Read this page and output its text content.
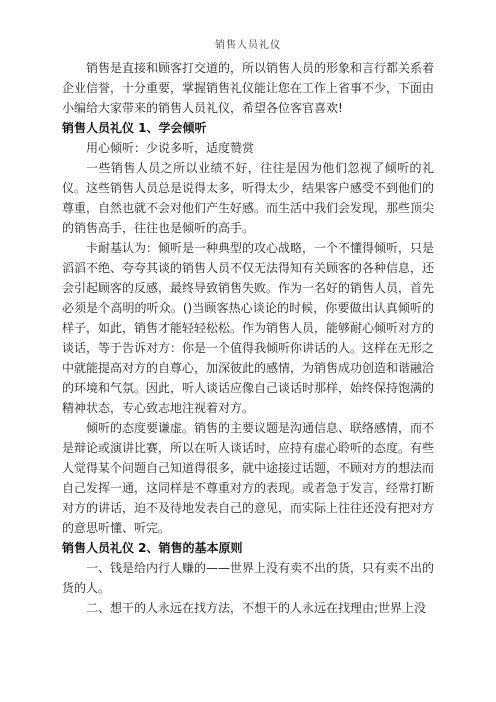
销售人员礼仪

销售是直接和顾客打交道的，所以销售人员的形象和言行都关系着企业信誉，十分重要，掌握销售礼仪能让您在工作上省事不少，下面由小编给大家带来的销售人员礼仪，希望各位客官喜欢!

销售人员礼仪 1、学会倾听

用心倾听：少说多听，适度赞赏

一些销售人员之所以业绩不好，往往是因为他们忽视了倾听的礼仪。这些销售人员总是说得太多，听得太少，结果客户感受不到他们的尊重，自然也就不会对他们产生好感。而生活中我们会发现，那些顶尖的销售高手，往往也是倾听的高手。

卡耐基认为：倾听是一种典型的攻心战略，一个不懂得倾听，只是滔滔不绝、夸夸其谈的销售人员不仅无法得知有关顾客的各种信息，还会引起顾客的反感，最终导致销售失败。作为一名好的销售人员，首先必须是个高明的听众。()当顾客热心谈论的时候，你要做出认真倾听的样子，如此，销售才能轻轻松松。作为销售人员，能够耐心倾听对方的谈话，等于告诉对方：你是一个值得我倾听你讲话的人。这样在无形之中就能提高对方的自尊心，加深彼此的感情，为销售成功创造和谐融洽的环境和气氛。因此，听人谈话应像自己谈话时那样，始终保持饱满的精神状态，专心致志地注视着对方。

倾听的态度要谦虚。销售的主要议题是沟通信息、联络感情，而不是辩论或演讲比赛，所以在听人谈话时，应持有虚心聆听的态度。有些人觉得某个问题自己知道得很多，就中途接过话题，不顾对方的想法而自己发挥一通，这同样是不尊重对方的表现。或者急于发言，经常打断对方的讲话，迫不及待地发表自己的意见，而实际上往往还没有把对方的意思听懂、听完。

销售人员礼仪 2、销售的基本原则

一、钱是给内行人赚的——世界上没有卖不出的货，只有卖不出的货的人。

二、想干的人永远在找方法，不想干的人永远在找理由;世界上没
